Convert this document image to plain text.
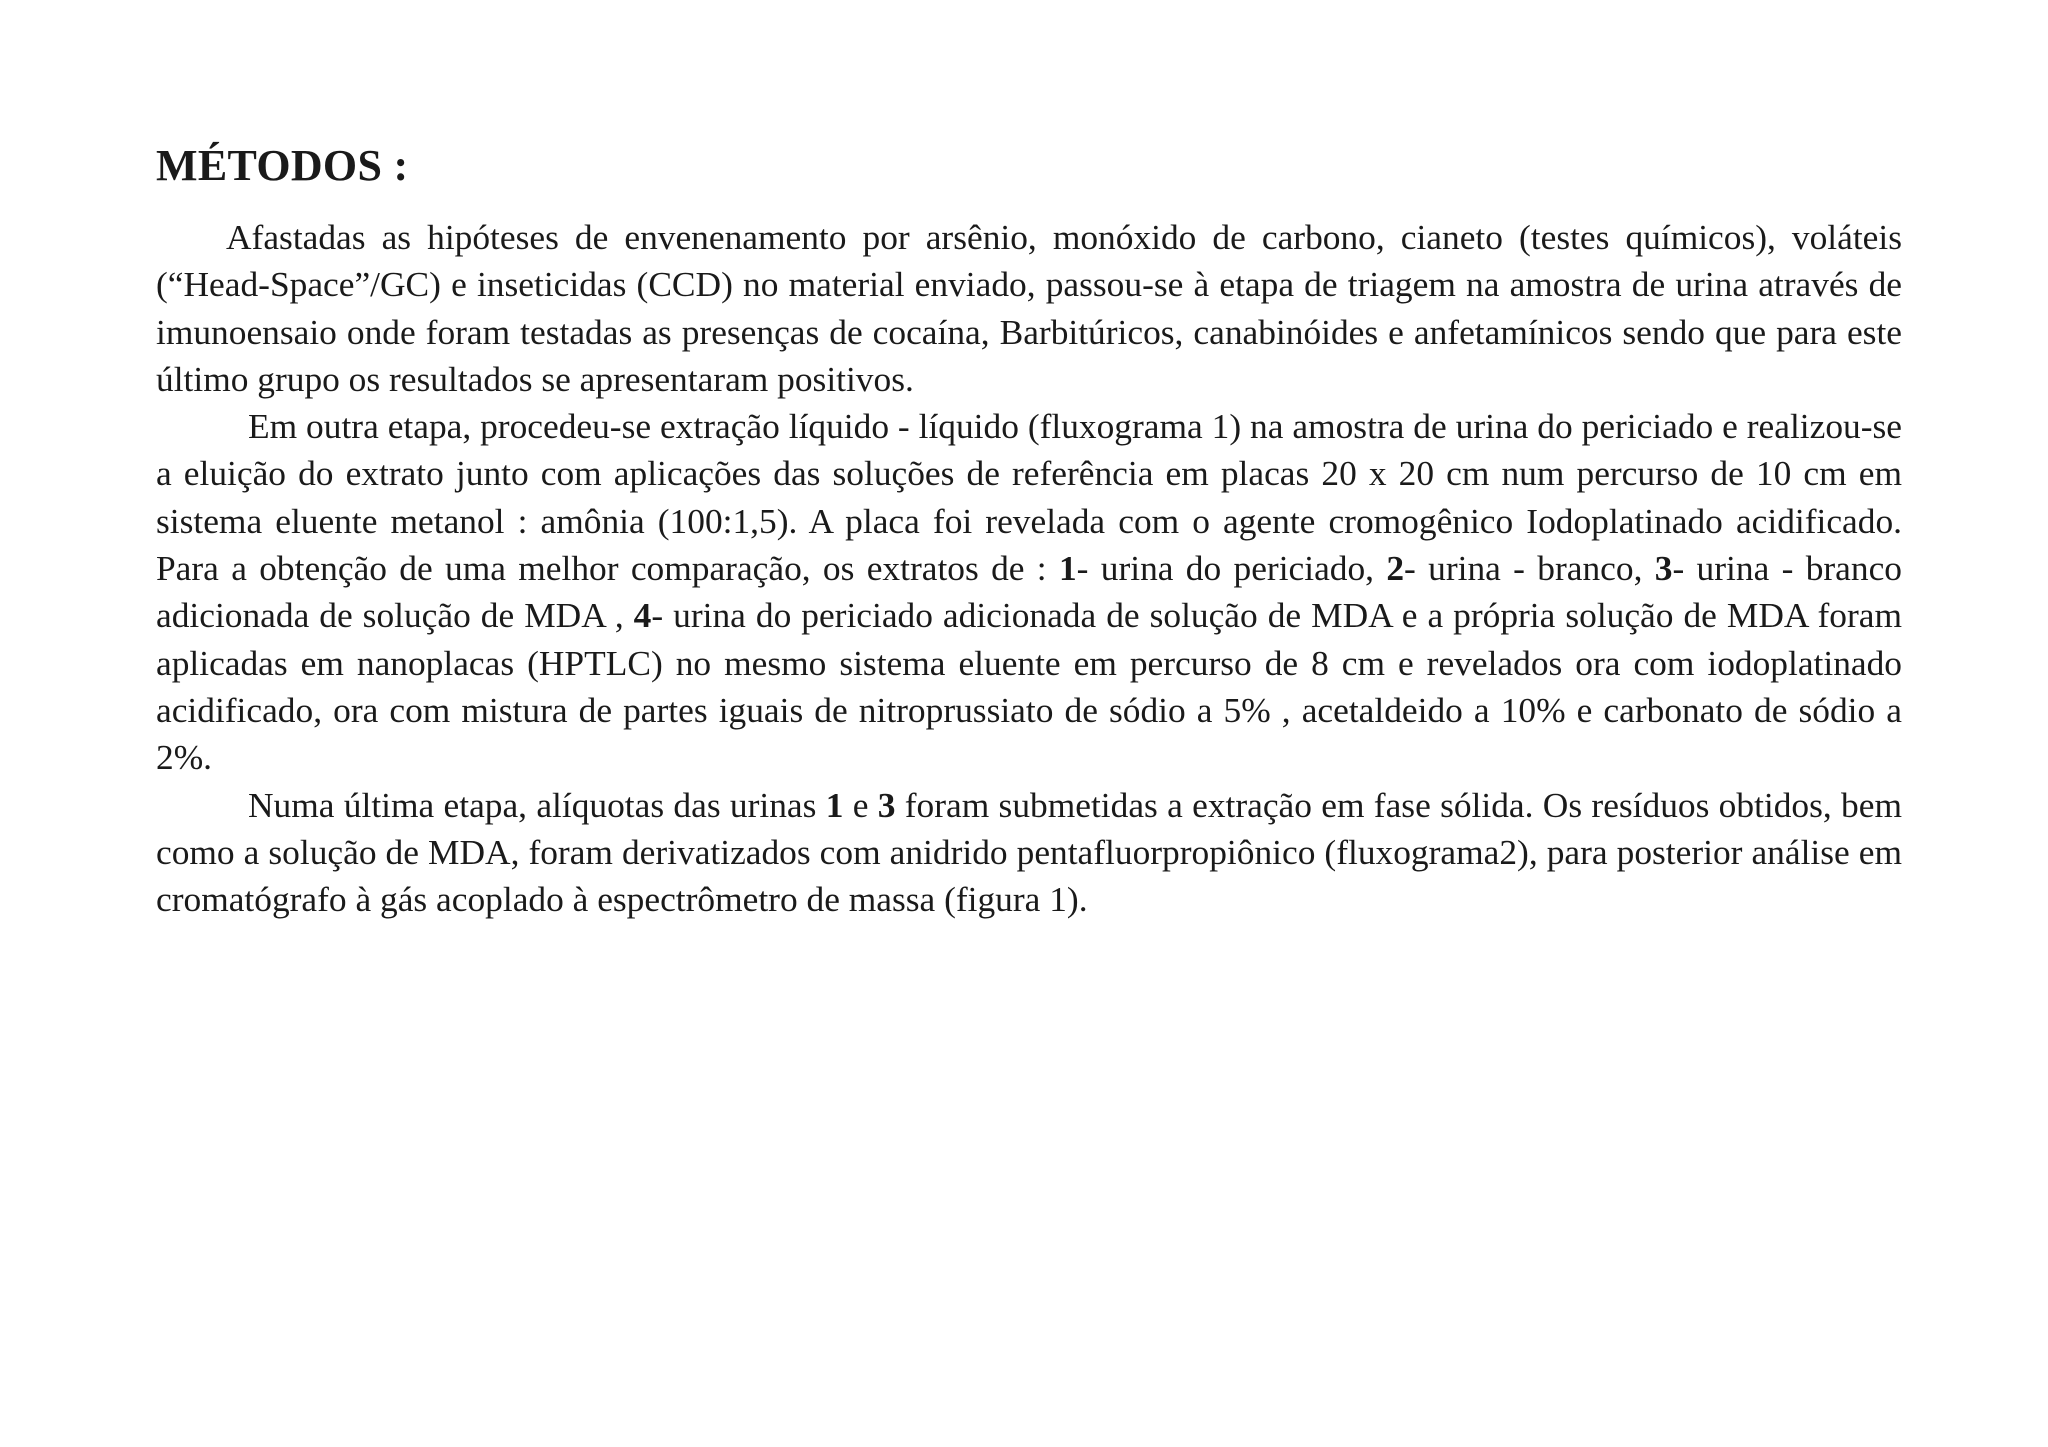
MÉTODOS :

Afastadas as hipóteses de envenenamento por arsênio, monóxido de carbono, cianeto (testes químicos), voláteis (“Head-Space”/GC) e inseticidas (CCD) no material enviado, passou-se à etapa de triagem na amostra de urina através de imunoensaio onde foram testadas as presenças de cocaína, Barbitúricos, canabinóides e anfetamínicos sendo que para este último grupo os resultados se apresentaram positivos.

Em outra etapa, procedeu-se extração líquido - líquido (fluxograma 1) na amostra de urina do periciado e realizou-se a eluição do extrato junto com aplicações das soluções de referência em placas 20 x 20 cm num percurso de 10 cm em sistema eluente metanol : amônia (100:1,5). A placa foi revelada com o agente cromogênico Iodoplatinado acidificado. Para a obtenção de uma melhor comparação, os extratos de : 1- urina do periciado, 2- urina - branco, 3- urina - branco adicionada de solução de MDA , 4- urina do periciado adicionada de solução de MDA e a própria solução de MDA foram aplicadas em nanoplacas (HPTLC) no mesmo sistema eluente em percurso de 8 cm e revelados ora com iodoplatinado acidificado, ora com mistura de partes iguais de nitroprussiato de sódio a 5% , acetaldeido a 10% e carbonato de sódio a 2%.

Numa última etapa, alíquotas das urinas 1 e 3 foram submetidas a extração em fase sólida. Os resíduos obtidos, bem como a solução de MDA, foram derivatizados com anidrido pentafluorpropiônico (fluxograma2), para posterior análise em cromatógrafo à gás acoplado à espectrômetro de massa (figura 1).
